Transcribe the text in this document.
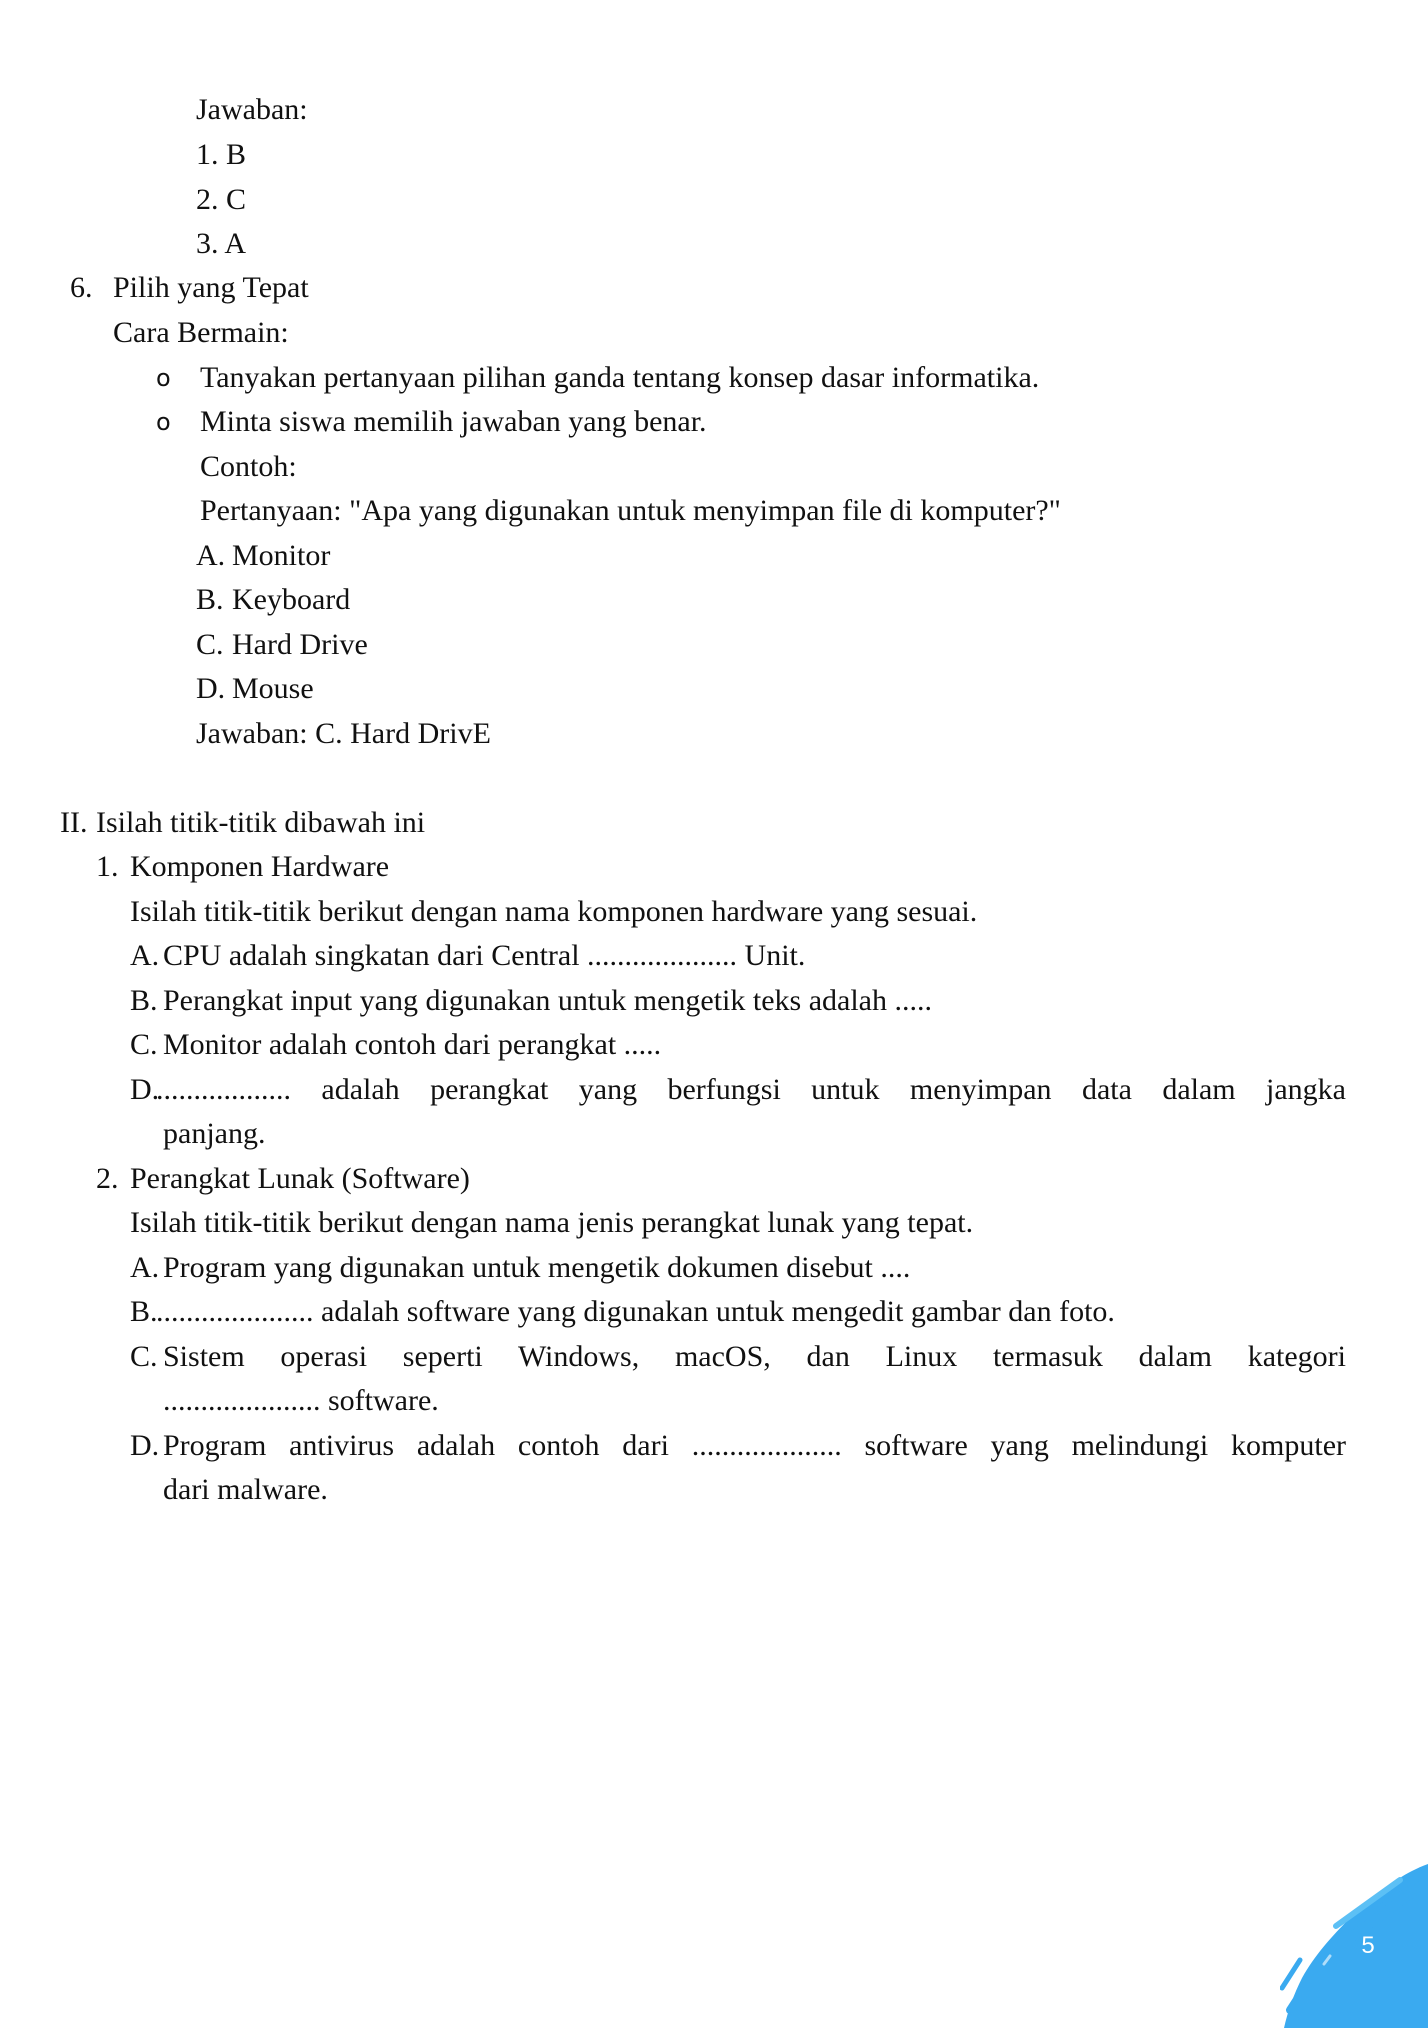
Jawaban:
1. B
2. C
3. A
6. Pilih yang Tepat
Cara Bermain:
o Tanyakan pertanyaan pilihan ganda tentang konsep dasar informatika.
o Minta siswa memilih jawaban yang benar.
Contoh:
Pertanyaan: "Apa yang digunakan untuk menyimpan file di komputer?"
A. Monitor
B. Keyboard
C. Hard Drive
D. Mouse
Jawaban: C. Hard DrivE
II. Isilah titik-titik dibawah ini
1. Komponen Hardware
Isilah titik-titik berikut dengan nama komponen hardware yang sesuai.
A. CPU adalah singkatan dari Central .................... Unit.
B. Perangkat input yang digunakan untuk mengetik teks adalah .....
C. Monitor adalah contoh dari perangkat .....
D.
.................. adalah perangkat yang berfungsi untuk menyimpan data dalam jangka
panjang.
2. Perangkat Lunak (Software)
Isilah titik-titik berikut dengan nama jenis perangkat lunak yang tepat.
A. Program yang digunakan untuk mengetik dokumen disebut ....
B.
..................... adalah software yang digunakan untuk mengedit gambar dan foto.
C. Sistem operasi seperti Windows, macOS, dan Linux termasuk dalam kategori
..................... software.
D. Program antivirus adalah contoh dari .................... software yang melindungi komputer
dari malware.
5
